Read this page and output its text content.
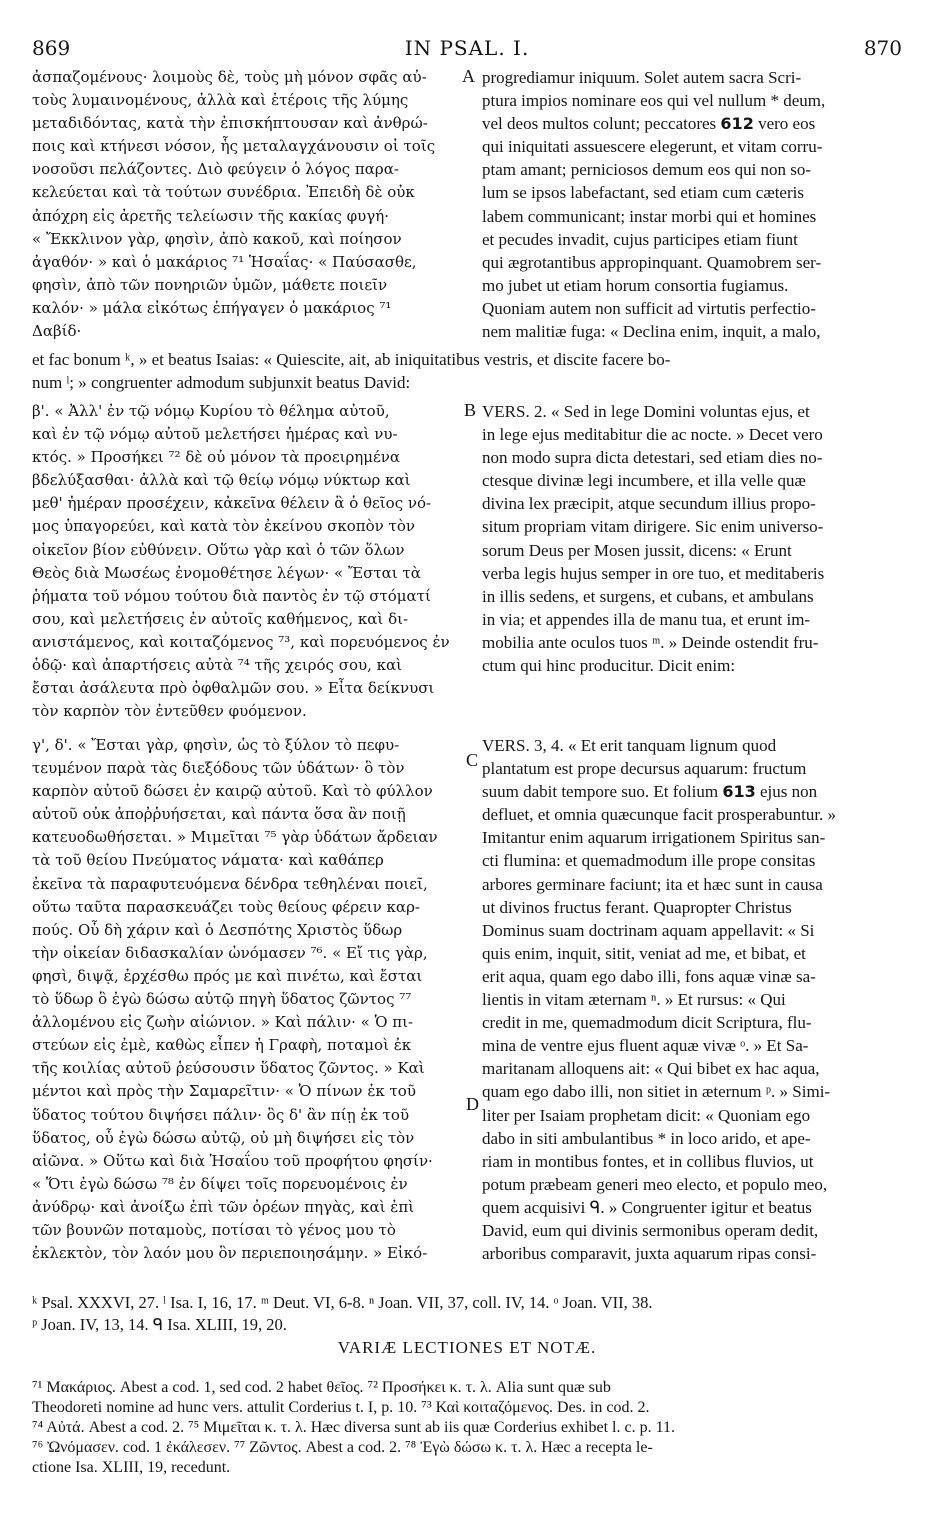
869	IN PSAL. I.	870
ἀσπαζομένους· λοιμοὺς δὲ, τοὺς μὴ μόνον σφᾶς αὐ-
τοὺς λυμαινομένους, ἀλλὰ καὶ ἑτέροις τῆς λύμης
μεταδιδόντας, κατὰ τὴν ἐπισκήπτουσαν καὶ ἀνθρώ-
ποις καὶ κτήνεσι νόσον, ἧς μεταλαγχάνουσιν οἱ τοῖς
νοσοῦσι πελάζοντες. Διὸ φεύγειν ὁ λόγος παρα-
κελεύεται καὶ τὰ τούτων συνέδρια. Ἐπειδὴ δὲ οὐκ
ἀπόχρη εἰς ἀρετῆς τελείωσιν τῆς κακίας φυγή·
« Ἔκκλινον γὰρ, φησὶν, ἀπὸ κακοῦ, καὶ ποίησον
ἀγαθόν· » καὶ ὁ μακάριος ⁷¹ Ἡσαΐας· « Παύσασθε,
φησὶν, ἀπὸ τῶν πονηριῶν ὑμῶν, μάθετε ποιεῖν
καλόν· » μάλα εἰκότως ἐπήγαγεν ὁ μακάριος ⁷¹
Δαβίδ·
A progrediamur iniquum. Solet autem sacra Scri-
ptura impios nominare eos qui vel nullum * deum,
vel deos multos colunt; peccatores 612 vero eos
qui iniquitati assuescere elegerunt, et vitam corru-
ptam amant; perniciosos demum eos qui non so-
lum se ipsos labefactant, sed etiam cum cæteris
labem communicant; instar morbi qui et homines
et pecudes invadit, cujus participes etiam fiunt
qui ægrotantibus appropinquant. Quamobrem ser-
mo jubet ut etiam horum consortia fugiamus.
Quoniam autem non sufficit ad virtutis perfectio-
nem malitiæ fuga: « Declina enim, inquit, a malo,
et fac bonum ᵏ, » et beatus Isaias: « Quiescite, ait, ab iniquitatibus vestris, et discite facere bo-
num ˡ; » congruenter admodum subjunxit beatus David:
β'. « Ἀλλ' ἐν τῷ νόμῳ Κυρίου τὸ θέλημα αὐτοῦ,
καὶ ἐν τῷ νόμῳ αὐτοῦ μελετήσει ἡμέρας καὶ νυ-
κτός. » Προσήκει ⁷² δὲ οὐ μόνον τὰ προειρημένα
βδελύξασθαι· ἀλλὰ καὶ τῷ θείῳ νόμῳ νύκτωρ καὶ
μεθ' ἡμέραν προσέχειν, κἀκεῖνα θέλειν ἃ ὁ θεῖος νό-
μος ὑπαγορεύει, καὶ κατὰ τὸν ἐκείνου σκοπὸν τὸν
οἰκεῖον βίον εὐθύνειν. Οὕτω γὰρ καὶ ὁ τῶν ὅλων
Θεὸς διὰ Μωσέως ἐνομοθέτησε λέγων· « Ἔσται τὰ
ῥήματα τοῦ νόμου τούτου διὰ παντὸς ἐν τῷ στόματί
σου, καὶ μελετήσεις ἐν αὐτοῖς καθήμενος, καὶ δι-
ανιστάμενος, καὶ κοιταζόμενος ⁷³, καὶ πορευόμενος ἐν
ὁδῷ· καὶ ἀπαρτήσεις αὐτὰ ⁷⁴ τῆς χειρός σου, καὶ
ἔσται ἀσάλευτα πρὸ ὀφθαλμῶν σου. » Εἶτα δείκνυσι
τὸν καρπὸν τὸν ἐντεῦθεν φυόμενον.
B VERS. 2. « Sed in lege Domini voluntas ejus, et
in lege ejus meditabitur die ac nocte. » Decet vero
non modo supra dicta detestari, sed etiam dies no-
ctesque divinæ legi incumbere, et illa velle quæ
divina lex præcipit, atque secundum illius propo-
situm propriam vitam dirigere. Sic enim universo-
sorum Deus per Mosen jussit, dicens: « Erunt
verba legis hujus semper in ore tuo, et meditaberis
in illis sedens, et surgens, et cubans, et ambulans
in via; et appendes illa de manu tua, et erunt im-
mobilia ante oculos tuos ᵐ. » Deinde ostendit fru-
ctum qui hinc producitur. Dicit enim:
γ', δ'. « Ἔσται γὰρ, φησὶν, ὡς τὸ ξύλον τὸ πεφυ-
τευμένον παρὰ τὰς διεξόδους τῶν ὑδάτων· ὃ τὸν
καρπὸν αὐτοῦ δώσει ἐν καιρῷ αὐτοῦ. Καὶ τὸ φύλλον
αὐτοῦ οὐκ ἀποῤῥυήσεται, καὶ πάντα ὅσα ἂν ποιῇ
κατευοδωθήσεται. » Μιμεῖται ⁷⁵ γὰρ ὑδάτων ἄρδειαν
τὰ τοῦ θείου Πνεύματος νάματα· καὶ καθάπερ
ἐκεῖνα τὰ παραφυτευόμενα δένδρα τεθηλέναι ποιεῖ,
οὕτω ταῦτα παρασκευάζει τοὺς θείους φέρειν καρ-
πούς. Οὗ δὴ χάριν καὶ ὁ Δεσπότης Χριστὸς ὕδωρ
τὴν οἰκείαν διδασκαλίαν ὠνόμασεν ⁷⁶. « Εἴ τις γὰρ,
φησὶ, διψᾷ, ἐρχέσθω πρός με καὶ πινέτω, καὶ ἔσται
τὸ ὕδωρ ὃ ἐγὼ δώσω αὐτῷ πηγὴ ὕδατος ζῶντος ⁷⁷
ἀλλομένου εἰς ζωὴν αἰώνιον. » Καὶ πάλιν· « Ὁ πι-
στεύων εἰς ἐμὲ, καθὼς εἶπεν ἡ Γραφὴ, ποταμοὶ ἐκ
τῆς κοιλίας αὐτοῦ ῥεύσουσιν ὕδατος ζῶντος. » Καὶ
μέντοι καὶ πρὸς τὴν Σαμαρεῖτιν· « Ὁ πίνων ἐκ τοῦ
ὕδατος τούτου διψήσει πάλιν· ὃς δ' ἂν πίῃ ἐκ τοῦ
ὕδατος, οὗ ἐγὼ δώσω αὐτῷ, οὐ μὴ διψήσει εἰς τὸν
αἰῶνα. » Οὕτω καὶ διὰ Ἡσαΐου τοῦ προφήτου φησίν·
« Ὅτι ἐγὼ δώσω ⁷⁸ ἐν δίψει τοῖς πορευομένοις ἐν
ἀνύδρῳ· καὶ ἀνοίξω ἐπὶ τῶν ὀρέων πηγὰς, καὶ ἐπὶ
τῶν βουνῶν ποταμοὺς, ποτίσαι τὸ γένος μου τὸ
ἐκλεκτὸν, τὸν λαόν μου ὃν περιεποιησάμην. » Εἰκό-
C
D
VERS. 3, 4. « Et erit tanquam lignum quod
plantatum est prope decursus aquarum: fructum
suum dabit tempore suo. Et folium 613 ejus non
defluet, et omnia quæcunque facit prosperabuntur. »
Imitantur enim aquarum irrigationem Spiritus san-
cti flumina: et quemadmodum ille prope consitas
arbores germinare faciunt; ita et hæc sunt in causa
ut divinos fructus ferant. Quapropter Christus
Dominus suam doctrinam aquam appellavit: « Si
quis enim, inquit, sitit, veniat ad me, et bibat, et
erit aqua, quam ego dabo illi, fons aquæ vinæ sa-
lientis in vitam æternam ⁿ. » Et rursus: « Qui
credit in me, quemadmodum dicit Scriptura, flu-
mina de ventre ejus fluent aquæ vivæ ᵒ. » Et Sa-
maritanam alloquens ait: « Qui bibet ex hac aqua,
quam ego dabo illi, non sitiet in æternum ᵖ. » Simi-
liter per Isaiam prophetam dicit: « Quoniam ego
dabo in siti ambulantibus * in loco arido, et ape-
riam in montibus fontes, et in collibus fluvios, ut
potum præbeam generi meo electo, et populo meo,
quem acquisivi ᑫ. » Congruenter igitur et beatus
David, eum qui divinis sermonibus operam dedit,
arboribus comparavit, juxta aquarum ripas consi-
ᵏ Psal. XXXVI, 27. ˡ Isa. I, 16, 17. ᵐ Deut. VI, 6-8. ⁿ Joan. VII, 37, coll. IV, 14. ᵒ Joan. VII, 38.
ᵖ Joan. IV, 13, 14. ᑫ Isa. XLIII, 19, 20.
VARIÆ LECTIONES ET NOTÆ.
⁷¹ Μακάριος. Abest a cod. 1, sed cod. 2 habet θεῖος. ⁷² Προσήκει κ. τ. λ. Alia sunt quæ sub
Theodoreti nomine ad hunc vers. attulit Corderius t. I, p. 10. ⁷³ Καὶ κοιταζόμενος. Des. in cod. 2.
⁷⁴ Αὐτά. Abest a cod. 2. ⁷⁵ Μιμεῖται κ. τ. λ. Hæc diversa sunt ab iis quæ Corderius exhibet l. c. p. 11.
⁷⁶ Ὠνόμασεν. cod. 1 ἐκάλεσεν. ⁷⁷ Ζῶντος. Abest a cod. 2. ⁷⁸ Ἐγὼ δώσω κ. τ. λ. Hæc a recepta le-
ctione Isa. XLIII, 19, recedunt.
